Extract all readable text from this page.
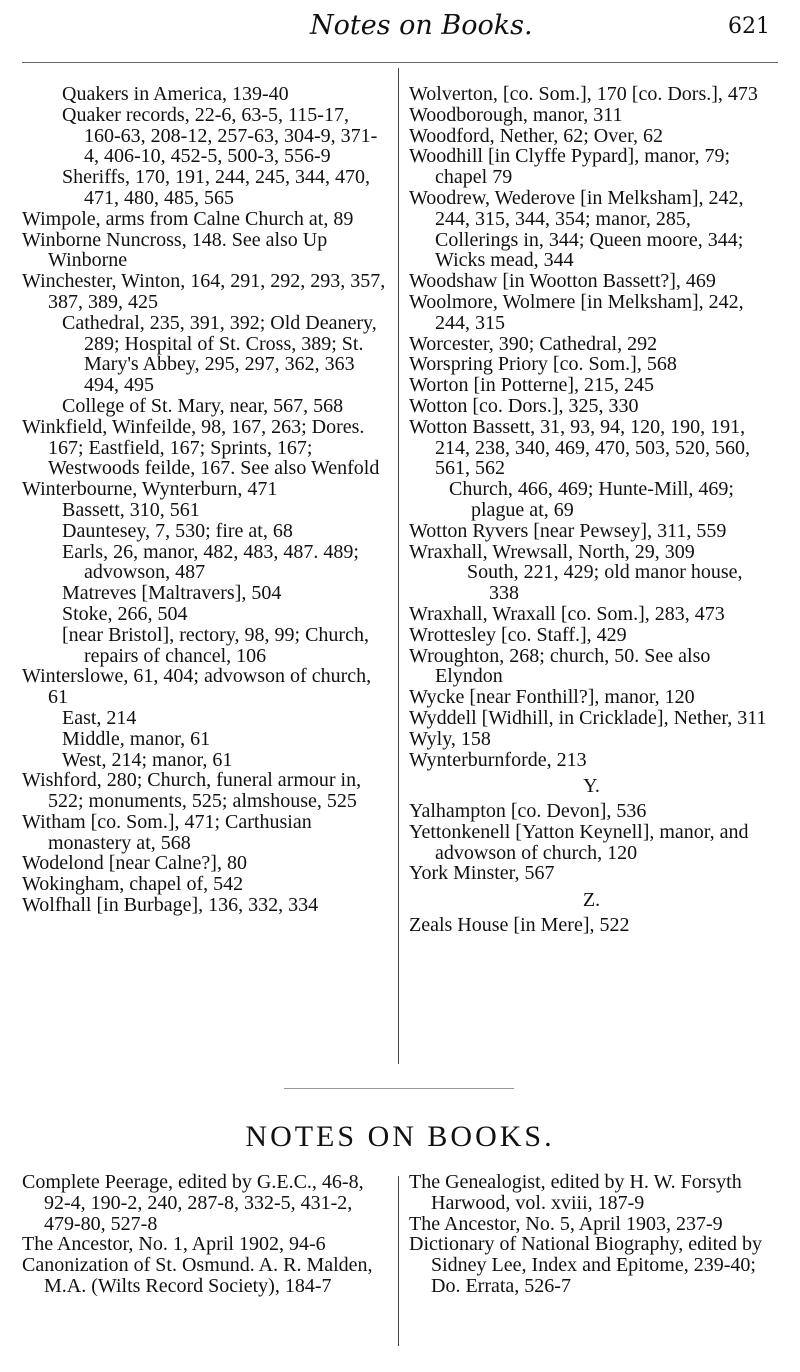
Notes on Books.	621

Quakers in America, 139-40

Quaker records, 22-6, 63-5, 115-17, 160-63, 208-12, 257-63, 304-9, 371-4, 406-10, 452-5, 500-3, 556-9

Sheriffs, 170, 191, 244, 245, 344, 470, 471, 480, 485, 565

Wimpole, arms from Calne Church at, 89

Winborne Nuncross, 148. See also Up Winborne

Winchester, Winton, 164, 291, 292, 293, 357, 387, 389, 425

Cathedral, 235, 391, 392; Old Deanery, 289; Hospital of St. Cross, 389; St. Mary's Abbey, 295, 297, 362, 363 494, 495

College of St. Mary, near, 567, 568

Winkfield, Winfeilde, 98, 167, 263; Dores. 167; Eastfield, 167; Sprints, 167; Westwoods feilde, 167. See also Wenfold

Winterbourne, Wynterburn, 471

Bassett, 310, 561

Dauntesey, 7, 530; fire at, 68

Earls, 26, manor, 482, 483, 487. 489; advowson, 487

Matreves [Maltravers], 504

Stoke, 266, 504

[near Bristol], rectory, 98, 99; Church, repairs of chancel, 106

Winterslowe, 61, 404; advowson of church, 61

East, 214

Middle, manor, 61

West, 214; manor, 61

Wishford, 280; Church, funeral armour in, 522; monuments, 525; almshouse, 525

Witham [co. Som.], 471; Carthusian monastery at, 568

Wodelond [near Calne?], 80

Wokingham, chapel of, 542

Wolfhall [in Burbage], 136, 332, 334

Wolverton, [co. Som.], 170 [co. Dors.], 473

Woodborough, manor, 311

Woodford, Nether, 62; Over, 62

Woodhill [in Clyffe Pypard], manor, 79; chapel 79

Woodrew, Wederove [in Melksham], 242, 244, 315, 344, 354; manor, 285, Collerings in, 344; Queen moore, 344; Wicks mead, 344

Woodshaw [in Wootton Bassett?], 469

Woolmore, Wolmere [in Melksham], 242, 244, 315

Worcester, 390; Cathedral, 292

Worspring Priory [co. Som.], 568

Worton [in Potterne], 215, 245

Wotton [co. Dors.], 325, 330

Wotton Bassett, 31, 93, 94, 120, 190, 191, 214, 238, 340, 469, 470, 503, 520, 560, 561, 562

Church, 466, 469; Hunte-Mill, 469; plague at, 69

Wotton Ryvers [near Pewsey], 311, 559

Wraxhall, Wrewsall, North, 29, 309

South, 221, 429; old manor house, 338

Wraxhall, Wraxall [co. Som.], 283, 473

Wrottesley [co. Staff.], 429

Wroughton, 268; church, 50. See also Elyndon

Wycke [near Fonthill?], manor, 120

Wyddell [Widhill, in Cricklade], Nether, 311

Wyly, 158

Wynterburnforde, 213

Y.

Yalhampton [co. Devon], 536

Yettonkenell [Yatton Keynell], manor, and advowson of church, 120

York Minster, 567

Z.

Zeals House [in Mere], 522

NOTES ON BOOKS.

Complete Peerage, edited by G.E.C., 46-8, 92-4, 190-2, 240, 287-8, 332-5, 431-2, 479-80, 527-8

The Ancestor, No. 1, April 1902, 94-6

Canonization of St. Osmund. A. R. Malden, M.A. (Wilts Record Society), 184-7

The Genealogist, edited by H. W. Forsyth Harwood, vol. xviii, 187-9

The Ancestor, No. 5, April 1903, 237-9

Dictionary of National Biography, edited by Sidney Lee, Index and Epitome, 239-40; Do. Errata, 526-7
